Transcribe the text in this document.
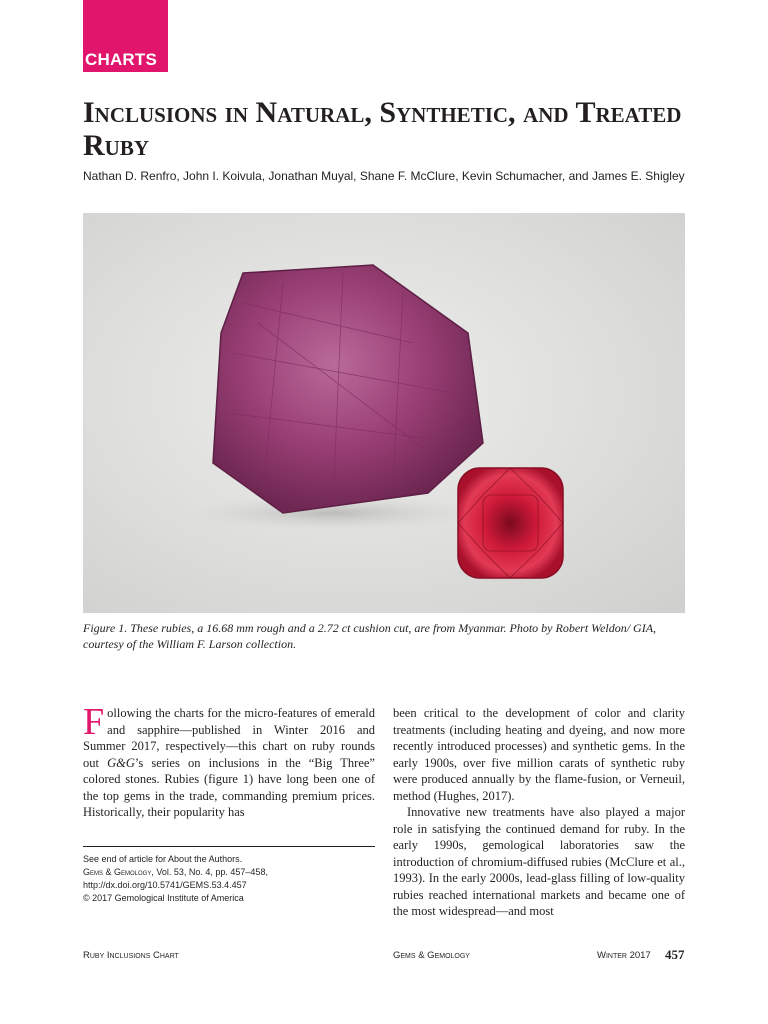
CHARTS
Inclusions in Natural, Synthetic, and Treated Ruby
Nathan D. Renfro, John I. Koivula, Jonathan Muyal, Shane F. McClure, Kevin Schumacher, and James E. Shigley
Figure 1. These rubies, a 16.68 mm rough and a 2.72 ct cushion cut, are from Myanmar. Photo by Robert Weldon/ GIA, courtesy of the William F. Larson collection.

Following the charts for the micro-features of emerald and sapphire—published in Winter 2016 and Summer 2017, respectively—this chart on ruby rounds out G&G’s series on inclusions in the “Big Three” colored stones. Rubies (figure 1) have long been one of the top gems in the trade, commanding premium prices. Historically, their popularity has

been critical to the development of color and clarity treatments (including heating and dyeing, and now more recently introduced processes) and synthetic gems. In the early 1900s, over five million carats of synthetic ruby were produced annually by the flame-fusion, or Verneuil, method (Hughes, 2017).

Innovative new treatments have also played a major role in satisfying the continued demand for ruby. In the early 1990s, gemological laboratories saw the introduction of chromium-diffused rubies (McClure et al., 1993). In the early 2000s, lead-glass filling of low-quality rubies reached international markets and became one of the most widespread—and most

See end of article for About the Authors.
Gems & Gemology, Vol. 53, No. 4, pp. 457–458,
http://dx.doi.org/10.5741/GEMS.53.4.457
© 2017 Gemological Institute of America
Ruby Inclusions Chart	Gems & Gemology	Winter 2017 457
